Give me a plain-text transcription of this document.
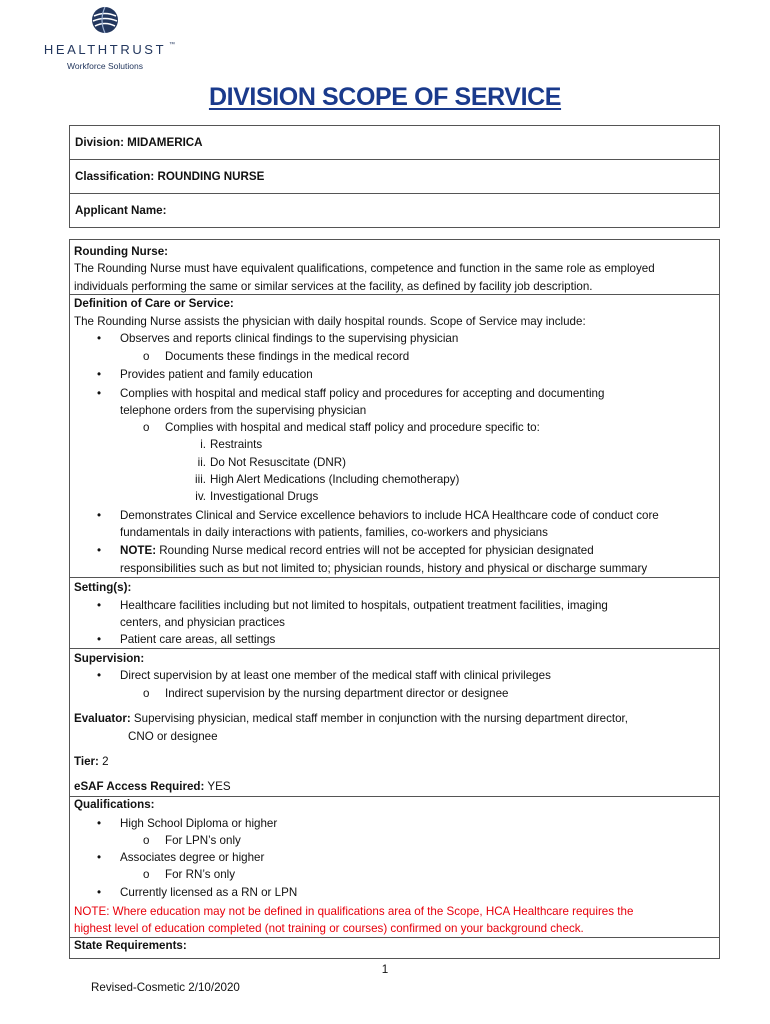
HEALTHTRUST ™
Workforce Solutions
DIVISION SCOPE OF SERVICE
Division: MIDAMERICA
Classification: ROUNDING NURSE
Applicant Name:
Rounding Nurse:
The Rounding Nurse must have equivalent qualifications, competence and function in the same role as employed
individuals performing the same or similar services at the facility, as defined by facility job description.
Definition of Care or Service:
The Rounding Nurse assists the physician with daily hospital rounds. Scope of Service may include:
• Observes and reports clinical findings to the supervising physician
o Documents these findings in the medical record
• Provides patient and family education
• Complies with hospital and medical staff policy and procedures for accepting and documenting
telephone orders from the supervising physician
o Complies with hospital and medical staff policy and procedure specific to:
i. Restraints
ii. Do Not Resuscitate (DNR)
iii. High Alert Medications (Including chemotherapy)
iv. Investigational Drugs
• Demonstrates Clinical and Service excellence behaviors to include HCA Healthcare code of conduct core
fundamentals in daily interactions with patients, families, co-workers and physicians
• NOTE: Rounding Nurse medical record entries will not be accepted for physician designated
responsibilities such as but not limited to; physician rounds, history and physical or discharge summary
Setting(s):
• Healthcare facilities including but not limited to hospitals, outpatient treatment facilities, imaging
centers, and physician practices
• Patient care areas, all settings
Supervision:
• Direct supervision by at least one member of the medical staff with clinical privileges
o Indirect supervision by the nursing department director or designee
Evaluator: Supervising physician, medical staff member in conjunction with the nursing department director,
CNO or designee
Tier: 2
eSAF Access Required: YES
Qualifications:
• High School Diploma or higher
o For LPN’s only
• Associates degree or higher
o For RN’s only
• Currently licensed as a RN or LPN
NOTE: Where education may not be defined in qualifications area of the Scope, HCA Healthcare requires the
highest level of education completed (not training or courses) confirmed on your background check.
State Requirements:
1
Revised-Cosmetic 2/10/2020
